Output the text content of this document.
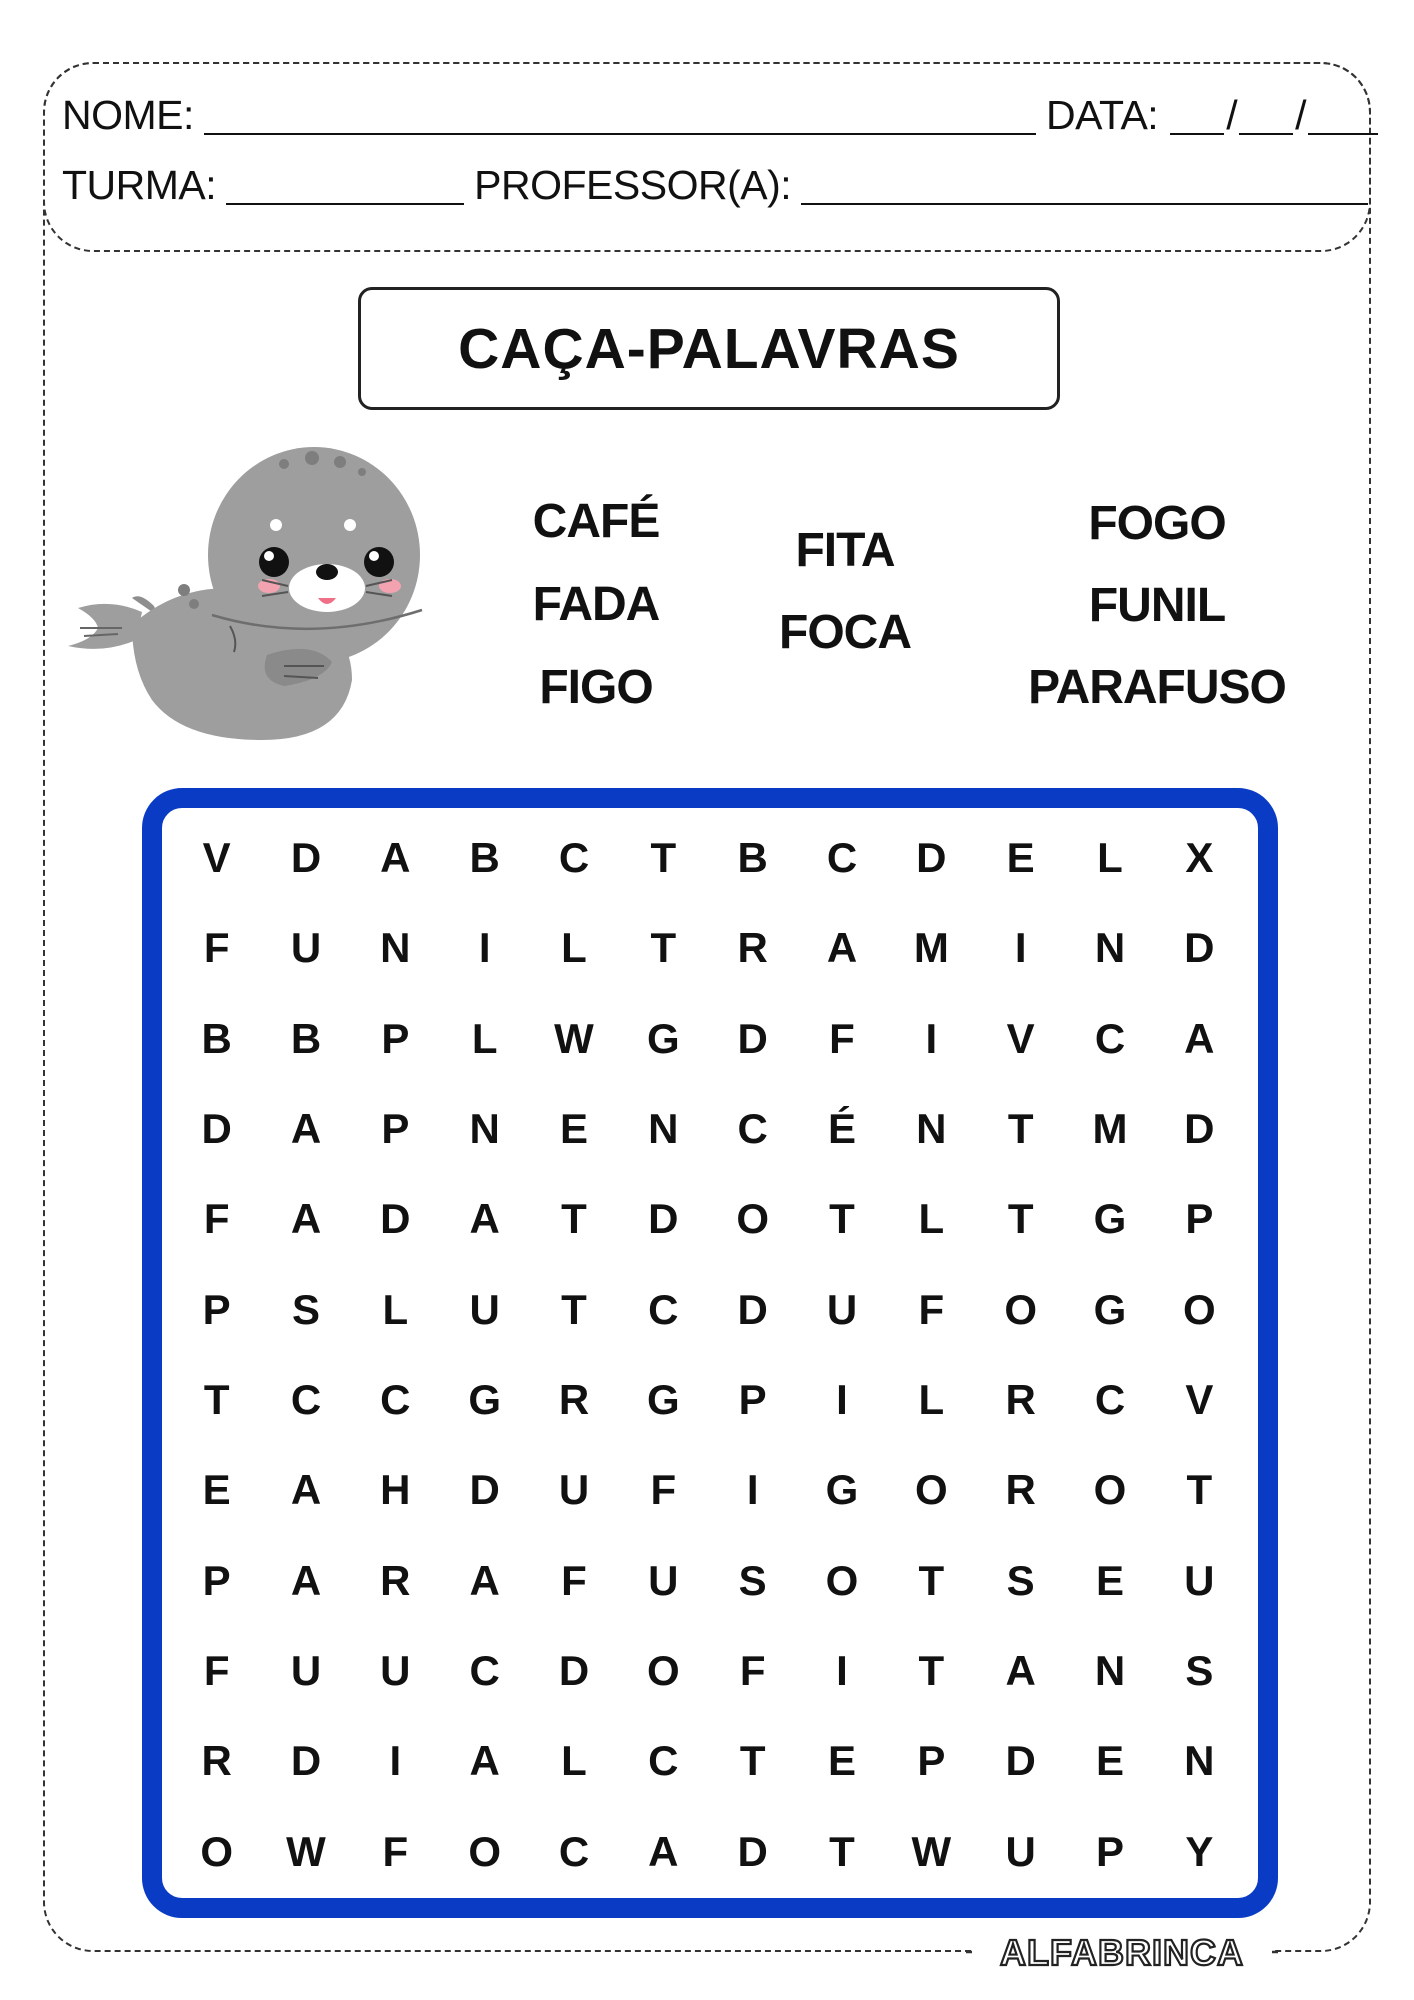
NOME:	DATA: / /
TURMA:	PROFESSOR(A):
CAÇA-PALAVRAS
CAFÉ
FADA
FIGO
FITA
FOCA
FOGO
FUNIL
PARAFUSO
V	D	A	B	C	T	B	C	D	E	L	X
F	U	N	I	L	T	R	A	M	I	N	D
B	B	P	L	W	G	D	F	I	V	C	A
D	A	P	N	E	N	C	É	N	T	M	D
F	A	D	A	T	D	O	T	L	T	G	P
P	S	L	U	T	C	D	U	F	O	G	O
T	C	C	G	R	G	P	I	L	R	C	V
E	A	H	D	U	F	I	G	O	R	O	T
P	A	R	A	F	U	S	O	T	S	E	U
F	U	U	C	D	O	F	I	T	A	N	S
R	D	I	A	L	C	T	E	P	D	E	N
O	W	F	O	C	A	D	T	W	U	P	Y
ALFABRINCA
